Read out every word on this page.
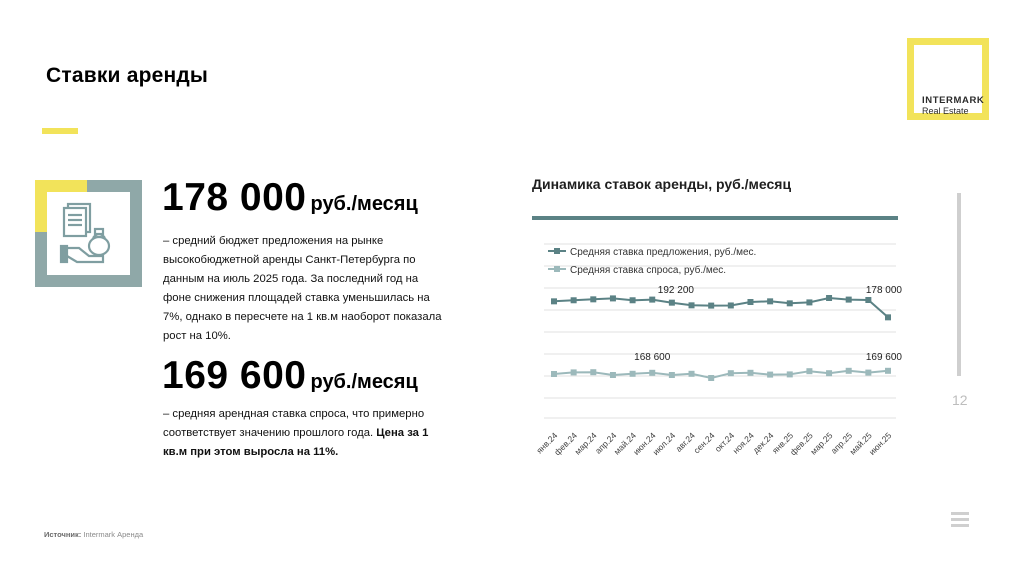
Ставки аренды
INTERMARK
Real Estate
178 000 руб./месяц
– средний бюджет предложения на рынке высокобюджетной аренды Санкт-Петербурга по данным на июль 2025 года. За последний год на фоне снижения площадей ставка уменьшилась на 7%, однако в пересчете на 1 кв.м наоборот показала рост на 10%.
169 600 руб./месяц
– средняя арендная ставка спроса, что примерно соответствует значению прошлого года. Цена за 1 кв.м при этом выросла на 11%.
Динамика ставок аренды, руб./месяц
Средняя ставка предложения, руб./мес.
Средняя ставка спроса, руб./мес.
192 200	178 000
168 600	169 600
янв.24
фев.24
мар.24
апр.24
май.24
июн.24
июл.24
авг.24
сен.24
окт.24
ноя.24
дек.24
янв.25
фев.25
мар.25
апр.25
май.25
июн.25
12
Источник: Intermark Аренда
